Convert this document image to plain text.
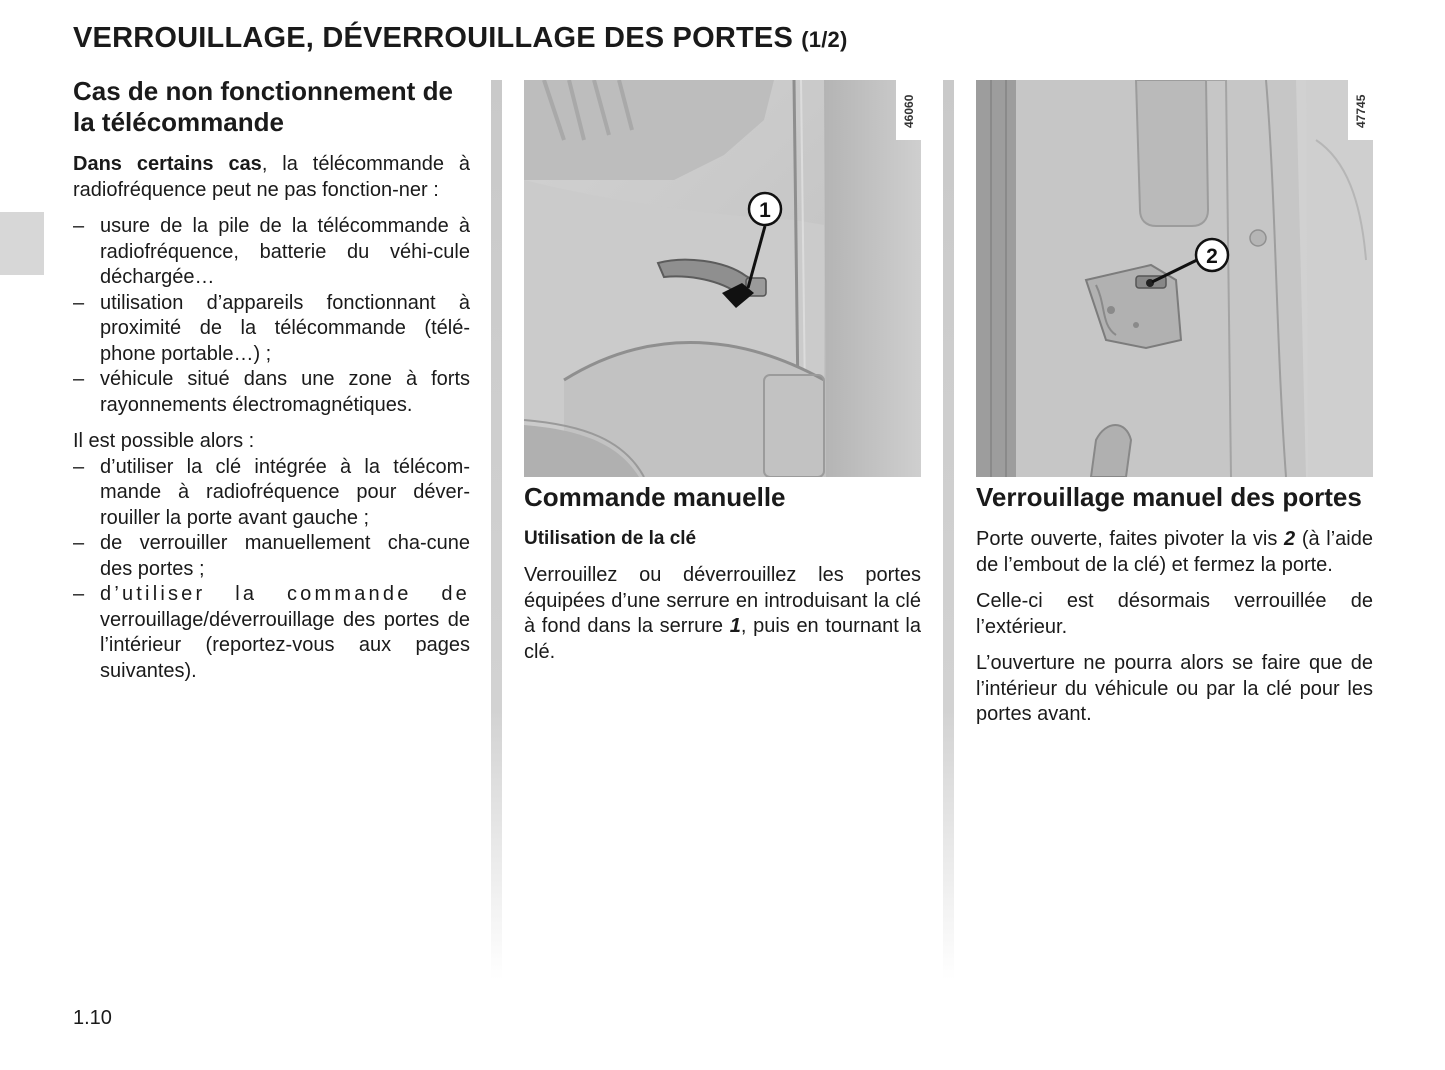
VERROUILLAGE, DÉVERROUILLAGE DES PORTES (1/2)
Cas de non fonctionnement de la télécommande

Dans certains cas, la télécommande à radiofréquence peut ne pas fonction-ner :

– usure de la pile de la télécommande à radiofréquence, batterie du véhi-cule déchargée…
– utilisation d’appareils fonctionnant à proximité de la télécommande (télé-phone portable…) ;
– véhicule situé dans une zone à forts rayonnements électromagnétiques.

Il est possible alors :

– d’utiliser la clé intégrée à la télécom-mande à radiofréquence pour déver-rouiller la porte avant gauche ;
– de verrouiller manuellement cha-cune des portes ;
– d’utiliser la commande de
verrouillage/déverrouillage des portes de l’intérieur (reportez-vous aux pages suivantes).
1
46060
2
47745
Commande manuelle
Utilisation de la clé

Verrouillez ou déverrouillez les portes équipées d’une serrure en introduisant la clé à fond dans la serrure 1, puis en tournant la clé.

Verrouillage manuel des portes

Porte ouverte, faites pivoter la vis 2 (à l’aide de l’embout de la clé) et fermez la porte.

Celle-ci est désormais verrouillée de l’extérieur.

L’ouverture ne pourra alors se faire que de l’intérieur du véhicule ou par la clé pour les portes avant.

1.10
